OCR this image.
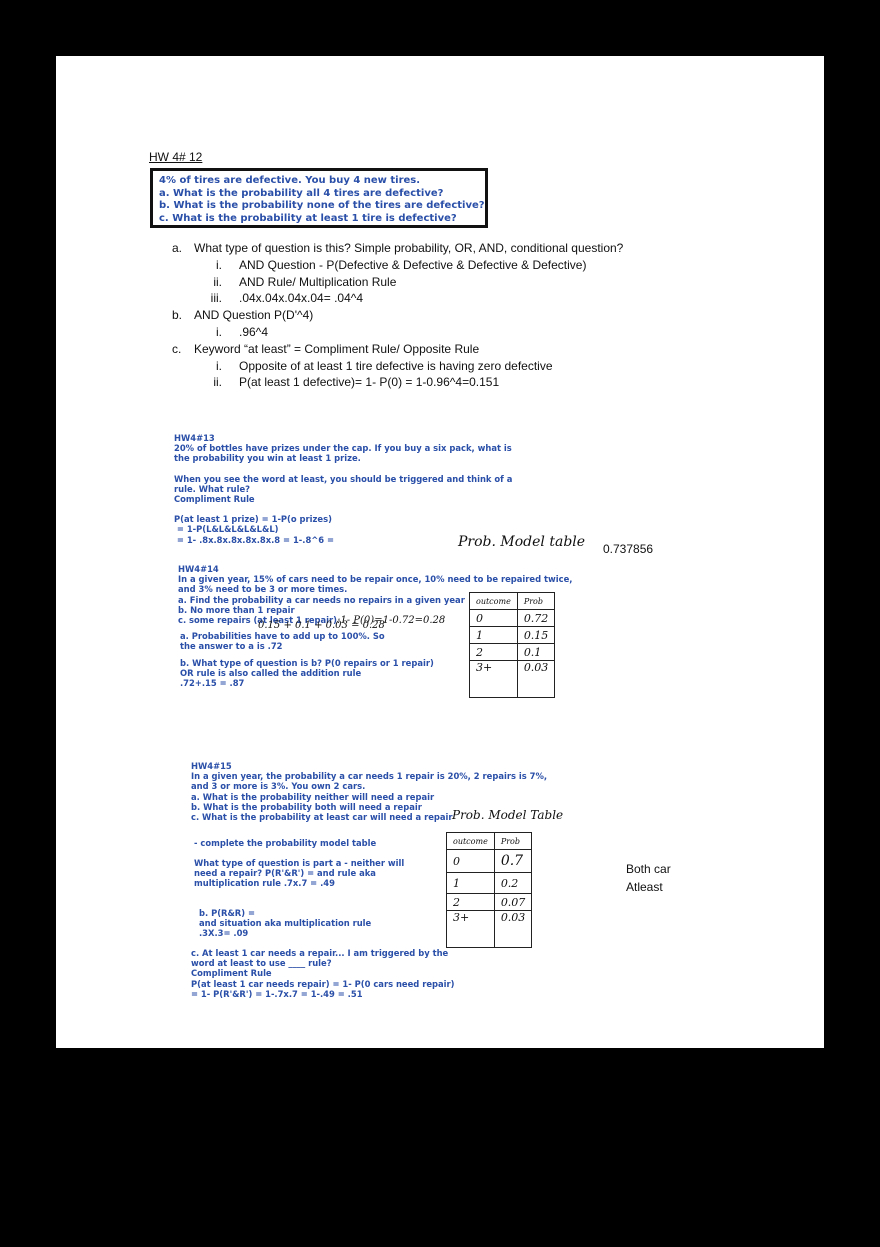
HW 4# 12
4% of tires are defective. You buy 4 new tires.
a. What is the probability all 4 tires are defective?
b. What is the probability none of the tires are defective?
c. What is the probability at least 1 tire is defective?
a. What type of question is this? Simple probability, OR, AND, conditional question?
i. AND Question - P(Defective & Defective & Defective & Defective)
ii. AND Rule/ Multiplication Rule
iii. .04x.04x.04x.04= .04^4
b. AND Question P(D'^4)
i. .96^4
c.	Keyword “at least” = Compliment Rule/ Opposite Rule
i. Opposite of at least 1 tire defective is having zero defective
ii. P(at least 1 defective)= 1- P(0) = 1-0.96^4=0.151
HW4#13
20% of bottles have prizes under the cap. If you buy a six pack, what is
the probability you win at least 1 prize.
When you see the word at least, you should be triggered and think of a
rule. What rule?
Compliment Rule
P(at least 1 prize) = 1-P(o prizes)
= 1-P(L&L&L&L&L&L)
= 1- .8x.8x.8x.8x.8x.8 = 1-.8^6 =	Prob. Model table 0.737856
HW4#14
In a given year, 15% of cars need to be repair once, 10% need to be repaired twice,
and 3% need to be 3 or more times.
a. Find the probability a car needs no repairs in a given year
b. No more than 1 repair
c. some repairs (at least 1 repair):1- P(0)=1-0.72=0.28
0.15 + 0.1 + 0.03 = 0.28
a. Probabilities have to add up to 100%. So
the answer to a is .72
b. What type of question is b? P(0 repairs or 1 repair)
OR rule is also called the addition rule
.72+.15 = .87
outcome	Prob
0	0.72
1	0.15
2	0.1
3+	0.03
HW4#15
In a given year, the probability a car needs 1 repair is 20%, 2 repairs is 7%,
and 3 or more is 3%. You own 2 cars.
a. What is the probability neither will need a repair
b. What is the probability both will need a repair
c. What is the probability at least car will need a repair Prob. Model Table
- complete the probability model table
What type of question is part a - neither will
need a repair? P(R'&R') = and rule aka
multiplication rule .7x.7 = .49
b. P(R&R) =
and situation aka multiplication rule
.3X.3= .09
c. At least 1 car needs a repair... I am triggered by the
word at least to use ____ rule?
Compliment Rule
P(at least 1 car needs repair) = 1- P(0 cars need repair)
= 1- P(R'&R') = 1-.7x.7 = 1-.49 = .51
outcome	Prob
0	0.7
1	0.2
2	0.07
3+	0.03
Both car
Atleast
